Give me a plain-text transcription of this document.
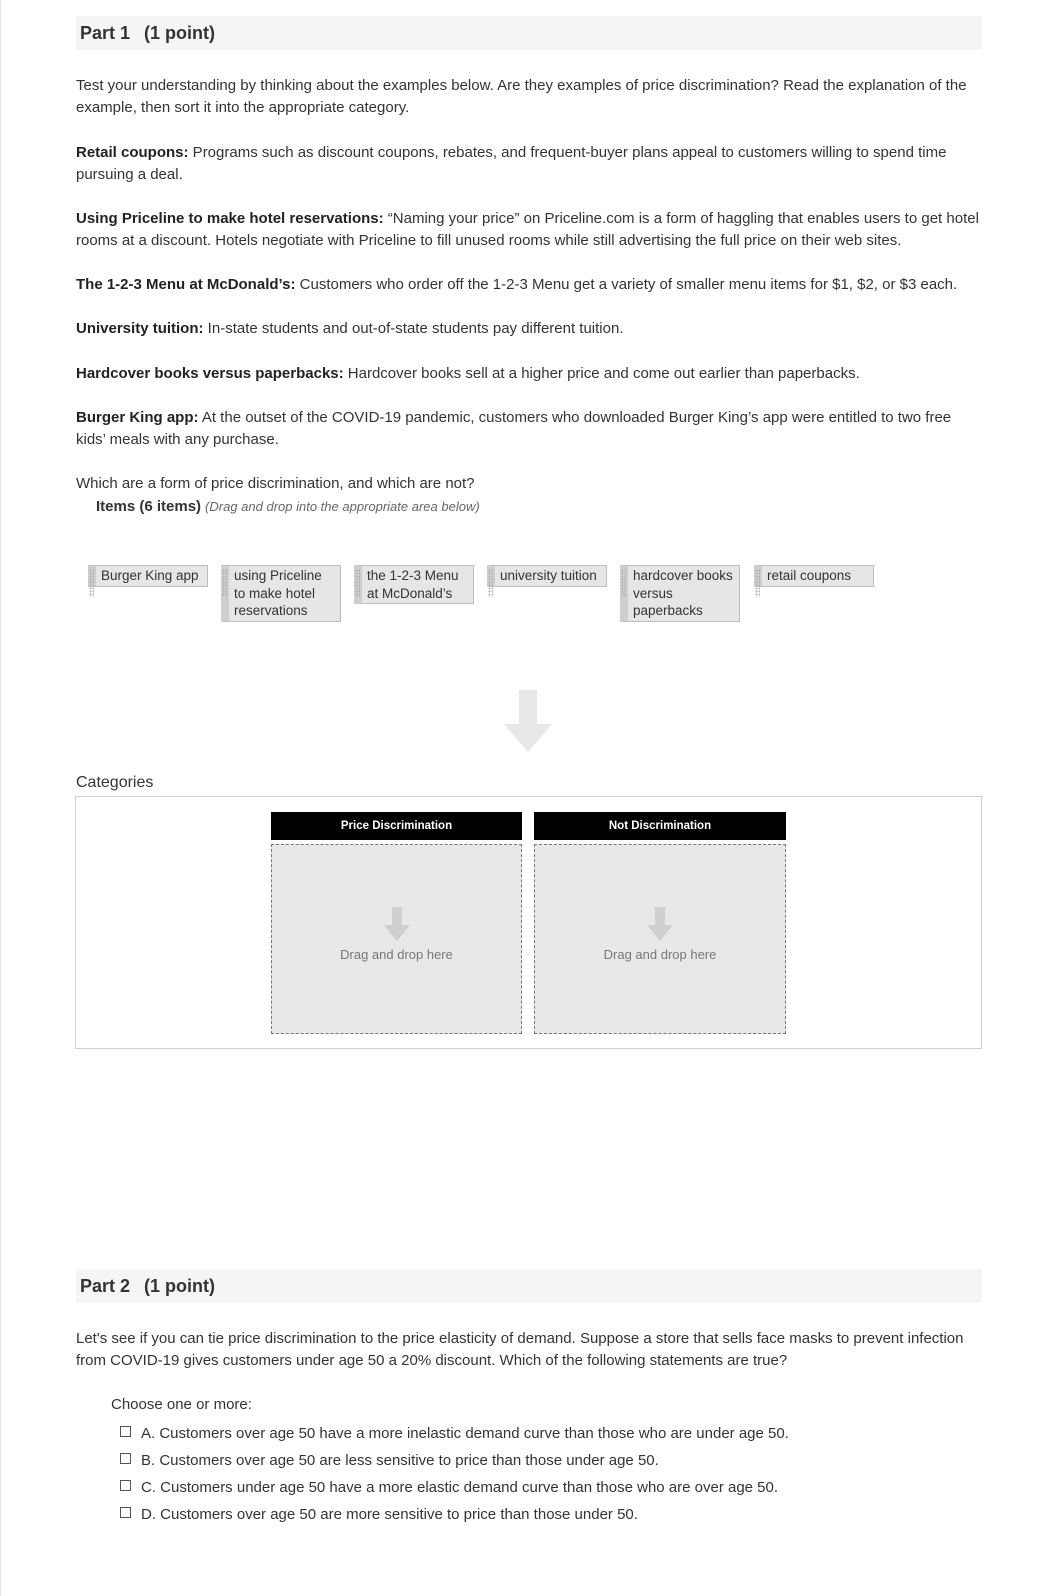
Part 1 (1 point)

Test your understanding by thinking about the examples below. Are they examples of price discrimination? Read the explanation of the example, then sort it into the appropriate category.

Retail coupons: Programs such as discount coupons, rebates, and frequent-buyer plans appeal to customers willing to spend time pursuing a deal.

Using Priceline to make hotel reservations: “Naming your price” on Priceline.com is a form of haggling that enables users to get hotel rooms at a discount. Hotels negotiate with Priceline to fill unused rooms while still advertising the full price on their web sites.

The 1-2-3 Menu at McDonald’s: Customers who order off the 1-2-3 Menu get a variety of smaller menu items for $1, $2, or $3 each.

University tuition: In-state students and out-of-state students pay different tuition.

Hardcover books versus paperbacks: Hardcover books sell at a higher price and come out earlier than paperbacks.

Burger King app: At the outset of the COVID-19 pandemic, customers who downloaded Burger King’s app were entitled to two free kids’ meals with any purchase.

Which are a form of price discrimination, and which are not?

Items (6 items) (Drag and drop into the appropriate area below)
Burger King app	using Priceline to make hotel reservations
the 1-2-3 Menu at McDonald’s
university tuition	hardcover books versus paperbacks
retail coupons
Categories
Price Discrimination
Drag and drop here
Not Discrimination
Drag and drop here
Part 2 (1 point)

Let's see if you can tie price discrimination to the price elasticity of demand. Suppose a store that sells face masks to prevent infection from COVID-19 gives customers under age 50 a 20% discount. Which of the following statements are true?

Choose one or more:
A. Customers over age 50 have a more inelastic demand curve than those who are under age 50.
B. Customers over age 50 are less sensitive to price than those under age 50.
C. Customers under age 50 have a more elastic demand curve than those who are over age 50.
D. Customers over age 50 are more sensitive to price than those under 50.
